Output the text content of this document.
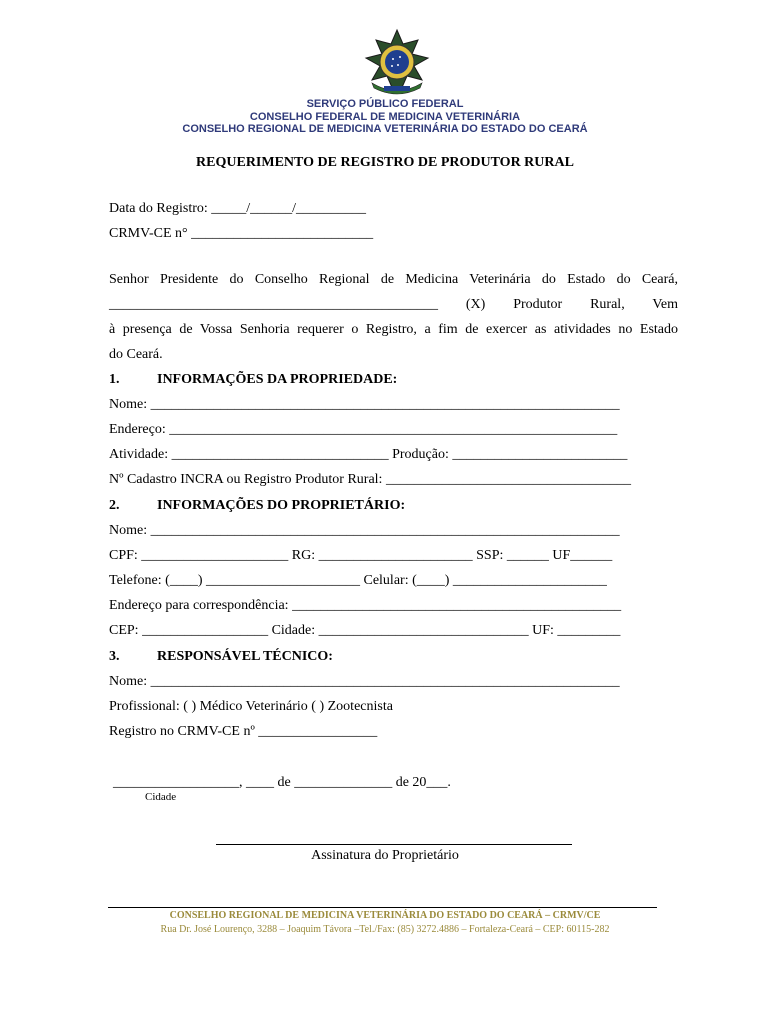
SERVIÇO PÚBLICO FEDERAL
CONSELHO FEDERAL DE MEDICINA VETERINÁRIA
CONSELHO REGIONAL DE MEDICINA VETERINÁRIA DO ESTADO DO CEARÁ
REQUERIMENTO DE REGISTRO DE PRODUTOR RURAL
Data do Registro: _____/______/__________
CRMV-CE n° __________________________
Senhor Presidente do Conselho Regional de Medicina Veterinária do Estado do Ceará,
_______________________________________________ (X) Produtor Rural, Vem
à presença de Vossa Senhoria requerer o Registro, a fim de exercer as atividades no Estado
do Ceará.
1.	INFORMAÇÕES DA PROPRIEDADE:
Nome: ___________________________________________________________________
Endereço: ________________________________________________________________
Atividade: _______________________________ Produção: _________________________
Nº Cadastro INCRA ou Registro Produtor Rural: ___________________________________
2.	INFORMAÇÕES DO PROPRIETÁRIO:
Nome: ___________________________________________________________________
CPF: _____________________ RG: ______________________ SSP: ______ UF______
Telefone: (____) ______________________ Celular: (____) ______________________
Endereço para correspondência: _______________________________________________
CEP: __________________ Cidade: ______________________________ UF: _________
3.	RESPONSÁVEL TÉCNICO:
Nome: ___________________________________________________________________
Profissional: ( ) Médico Veterinário ( ) Zootecnista
Registro no CRMV-CE nº _________________
__________________, ____ de ______________ de 20___.
Cidade
Assinatura do Proprietário
CONSELHO REGIONAL DE MEDICINA VETERINÁRIA DO ESTADO DO CEARÁ – CRMV/CE
Rua Dr. José Lourenço, 3288 – Joaquim Távora –Tel./Fax: (85) 3272.4886 – Fortaleza-Ceará – CEP: 60115-282
